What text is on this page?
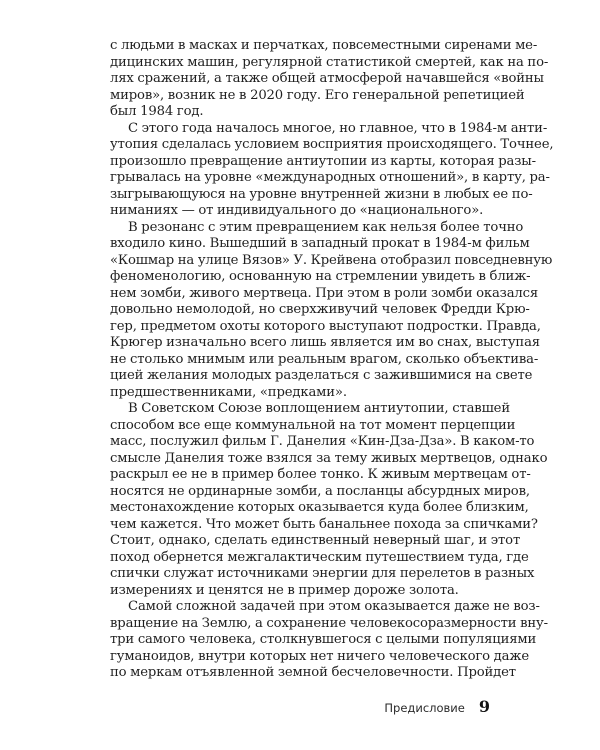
с людьми в масках и перчатках, повсеместными сиренами ме-
дицинских машин, регулярной статистикой смертей, как на по-
лях сражений, а также общей атмосферой начавшейся «войны
миров», возник не в 2020 году. Его генеральной репетицией
был 1984 год.
С этого года началось многое, но главное, что в 1984-м анти-
утопия сделалась условием восприятия происходящего. Точнее,
произошло превращение антиутопии из карты, которая разы-
грывалась на уровне «международных отношений», в карту, ра-
зыгрывающуюся на уровне внутренней жизни в любых ее по-
ниманиях — от индивидуального до «национального».
В резонанс с этим превращением как нельзя более точно
входило кино. Вышедший в западный прокат в 1984-м фильм
«Кошмар на улице Вязов» У. Крейвена отобразил повседневную
феноменологию, основанную на стремлении увидеть в ближ-
нем зомби, живого мертвеца. При этом в роли зомби оказался
довольно немолодой, но сверхживучий человек Фредди Крю-
гер, предметом охоты которого выступают подростки. Правда,
Крюгер изначально всего лишь является им во снах, выступая
не столько мнимым или реальным врагом, сколько объектива-
цией желания молодых разделаться с зажившимися на свете
предшественниками, «предками».
В Советском Союзе воплощением антиутопии, ставшей
способом все еще коммунальной на тот момент перцепции
масс, послужил фильм Г. Данелия «Кин-Дза-Дза». В каком-то
смысле Данелия тоже взялся за тему живых мертвецов, однако
раскрыл ее не в пример более тонко. К живым мертвецам от-
носятся не ординарные зомби, а посланцы абсурдных миров,
местонахождение которых оказывается куда более близким,
чем кажется. Что может быть банальнее похода за спичками?
Стоит, однако, сделать единственный неверный шаг, и этот
поход обернется межгалактическим путешествием туда, где
спички служат источниками энергии для перелетов в разных
измерениях и ценятся не в пример дороже золота.
Самой сложной задачей при этом оказывается даже не воз-
вращение на Землю, а сохранение человекосоразмерности вну-
три самого человека, столкнувшегося с целыми популяциями
гуманоидов, внутри которых нет ничего человеческого даже
по меркам отъявленной земной бесчеловечности. Пройдет
Предисловие 9
